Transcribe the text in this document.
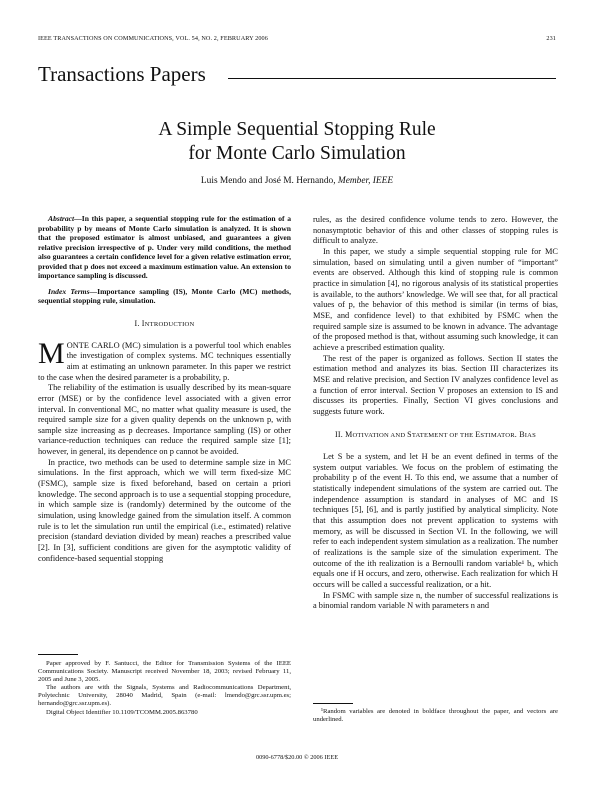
IEEE TRANSACTIONS ON COMMUNICATIONS, VOL. 54, NO. 2, FEBRUARY 2006	231
Transactions Papers
A Simple Sequential Stopping Rule
for Monte Carlo Simulation
Luis Mendo and José M. Hernando, Member, IEEE

Abstract—In this paper, a sequential stopping rule for the estimation of a probability p by means of Monte Carlo simulation is analyzed. It is shown that the proposed estimator is almost unbiased, and guarantees a given relative precision irrespective of p. Under very mild conditions, the method also guarantees a certain confidence level for a given relative estimation error, provided that p does not exceed a maximum estimation value. An extension to importance sampling is discussed.

Index Terms—Importance sampling (IS), Monte Carlo (MC) methods, sequential stopping rule, simulation.

I. INTRODUCTION

MONTE CARLO (MC) simulation is a powerful tool which enables the investigation of complex systems. MC techniques essentially aim at estimating an unknown parameter. In this paper we restrict to the case when the desired parameter is a probability, p.

The reliability of the estimation is usually described by its mean-square error (MSE) or by the confidence level associated with a given error interval. In conventional MC, no matter what quality measure is used, the required sample size for a given quality depends on the unknown p, with sample size increasing as p decreases. Importance sampling (IS) or other variance-reduction techniques can reduce the required sample size [1]; however, in general, its dependence on p cannot be avoided.

In practice, two methods can be used to determine sample size in MC simulations. In the first approach, which we will term fixed-size MC (FSMC), sample size is fixed beforehand, based on certain a priori knowledge. The second approach is to use a sequential stopping procedure, in which sample size is (randomly) determined by the outcome of the simulation, using knowledge gained from the simulation itself. A common rule is to let the simulation run until the empirical (i.e., estimated) relative precision (standard deviation divided by mean) reaches a prescribed value [2]. In [3], sufficient conditions are given for the asymptotic validity of confidence-based sequential stopping

Paper approved by F. Santucci, the Editor for Transmission Systems of the IEEE Communications Society. Manuscript received November 18, 2003; revised February 11, 2005 and June 3, 2005.

The authors are with the Signals, Systems and Radiocommunications Department, Polytechnic University, 28040 Madrid, Spain (e-mail: lmendo@grc.ssr.upm.es; hernando@grc.ssr.upm.es).

Digital Object Identifier 10.1109/TCOMM.2005.863780

rules, as the desired confidence volume tends to zero. However, the nonasymptotic behavior of this and other classes of stopping rules is difficult to analyze.

In this paper, we study a simple sequential stopping rule for MC simulation, based on simulating until a given number of “important” events are observed. Although this kind of stopping rule is common practice in simulation [4], no rigorous analysis of its statistical properties is available, to the authors’ knowledge. We will see that, for all practical values of p, the behavior of this method is similar (in terms of bias, MSE, and confidence level) to that exhibited by FSMC when the required sample size is assumed to be known in advance. The advantage of the proposed method is that, without assuming such knowledge, it can achieve a prescribed estimation quality.

The rest of the paper is organized as follows. Section II states the estimation method and analyzes its bias. Section III characterizes its MSE and relative precision, and Section IV analyzes confidence level as a function of error interval. Section V proposes an extension to IS and discusses its properties. Finally, Section VI gives conclusions and suggests future work.

II. MOTIVATION AND STATEMENT OF THE ESTIMATOR. BIAS

Let S be a system, and let H be an event defined in terms of the system output variables. We focus on the problem of estimating the probability p of the event H. To this end, we assume that a number of statistically independent simulations of the system are carried out. The independence assumption is standard in analyses of MC and IS techniques [5], [6], and is partly justified by analytical simplicity. Note that this assumption does not prevent application to systems with memory, as will be discussed in Section VI. In the following, we will refer to each independent system simulation as a realization. The number of realizations is the sample size of the simulation experiment. The outcome of the ith realization is a Bernoulli random variable¹ bᵢ, which equals one if H occurs, and zero, otherwise. Each realization for which H occurs will be called a successful realization, or a hit.

In FSMC with sample size n, the number of successful realizations is a binomial random variable N with parameters n and

¹Random variables are denoted in boldface throughout the paper, and vectors are underlined.

0090-6778/$20.00 © 2006 IEEE
